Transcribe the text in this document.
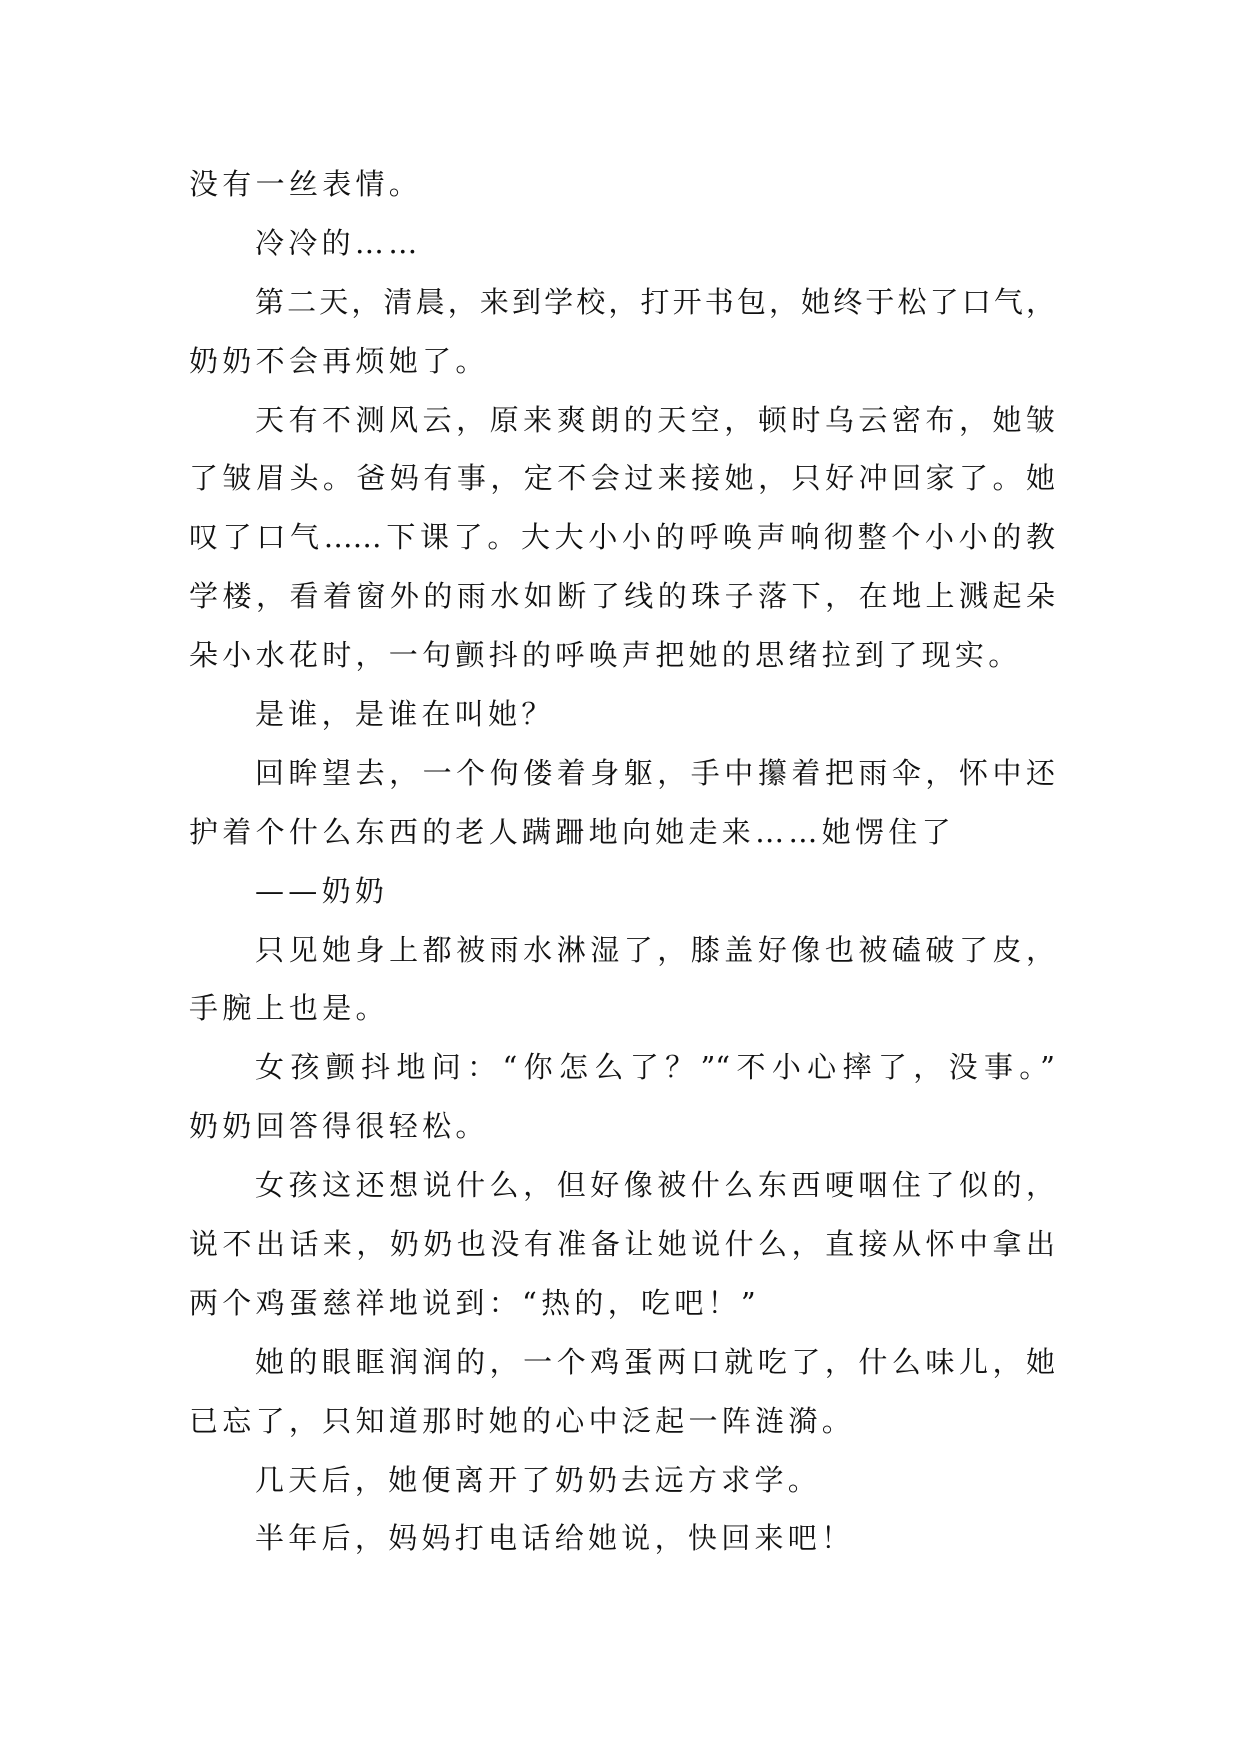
没有一丝表情。
冷冷的……
第二天，清晨，来到学校，打开书包，她终于松了口气，
奶奶不会再烦她了。
天有不测风云，原来爽朗的天空，顿时乌云密布，她皱
了皱眉头。爸妈有事，定不会过来接她，只好冲回家了。她
叹了口气……下课了。大大小小的呼唤声响彻整个小小的教
学楼，看着窗外的雨水如断了线的珠子落下，在地上溅起朵
朵小水花时，一句颤抖的呼唤声把她的思绪拉到了现实。
是谁，是谁在叫她？
回眸望去，一个佝偻着身躯，手中攥着把雨伞，怀中还
护着个什么东西的老人蹒跚地向她走来……她愣住了
——奶奶
只见她身上都被雨水淋湿了，膝盖好像也被磕破了皮，
手腕上也是。
女孩颤抖地问：“你怎么了？”“不小心摔了，没事。”
奶奶回答得很轻松。
女孩这还想说什么，但好像被什么东西哽咽住了似的，
说不出话来，奶奶也没有准备让她说什么，直接从怀中拿出
两个鸡蛋慈祥地说到：“热的，吃吧！”
她的眼眶润润的，一个鸡蛋两口就吃了，什么味儿，她
已忘了，只知道那时她的心中泛起一阵涟漪。
几天后，她便离开了奶奶去远方求学。
半年后，妈妈打电话给她说，快回来吧！
